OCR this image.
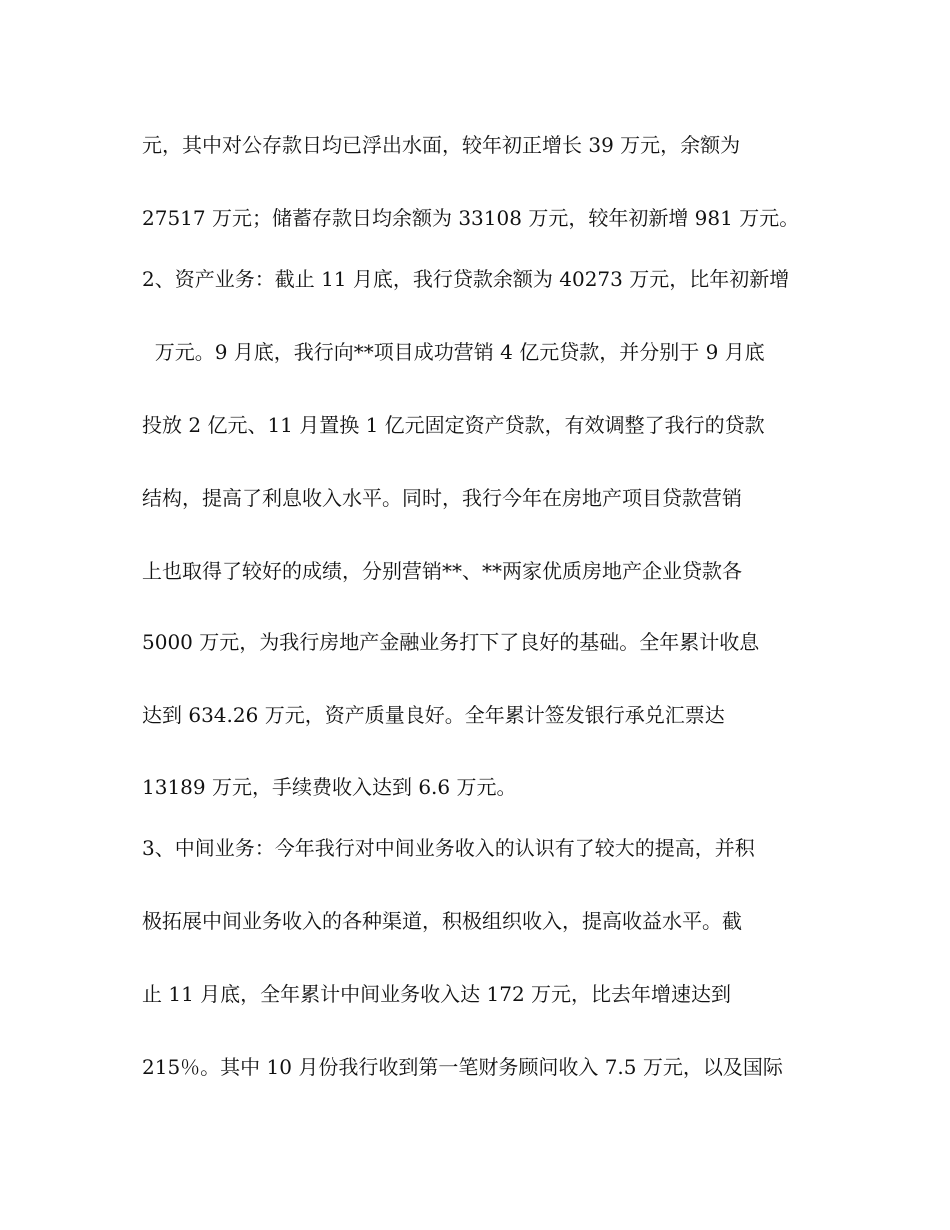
元，其中对公存款日均已浮出水面，较年初正增长 39 万元，余额为
27517 万元；储蓄存款日均余额为 33108 万元，较年初新增 981 万元。
2、资产业务：截止 11 月底，我行贷款余额为 40273 万元，比年初新增
万元。9 月底，我行向**项目成功营销 4 亿元贷款，并分别于 9 月底
投放 2 亿元、11 月置换 1 亿元固定资产贷款，有效调整了我行的贷款
结构，提高了利息收入水平。同时，我行今年在房地产项目贷款营销
上也取得了较好的成绩，分别营销**、**两家优质房地产企业贷款各
5000 万元，为我行房地产金融业务打下了良好的基础。全年累计收息
达到 634.26 万元，资产质量良好。全年累计签发银行承兑汇票达
13189 万元，手续费收入达到 6.6 万元。
3、中间业务：今年我行对中间业务收入的认识有了较大的提高，并积
极拓展中间业务收入的各种渠道，积极组织收入，提高收益水平。截
止 11 月底，全年累计中间业务收入达 172 万元，比去年增速达到
215％。其中 10 月份我行收到第一笔财务顾问收入 7.5 万元，以及国际
